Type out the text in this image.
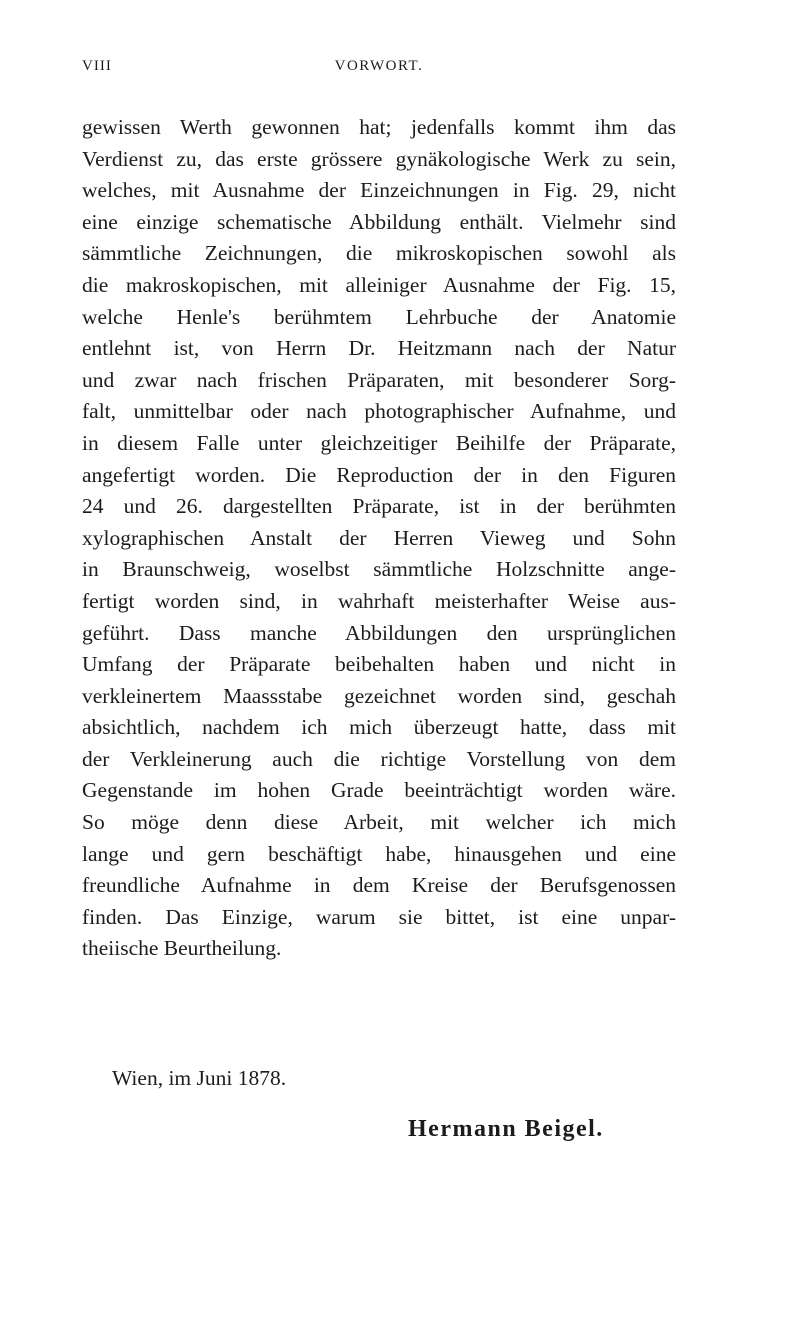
VIII	VORWORT.
gewissen Werth gewonnen hat; jedenfalls kommt ihm das
Verdienst zu, das erste grössere gynäkologische Werk zu sein,
welches, mit Ausnahme der Einzeichnungen in Fig. 29, nicht
eine einzige schematische Abbildung enthält. Vielmehr sind
sämmtliche Zeichnungen, die mikroskopischen sowohl als
die makroskopischen, mit alleiniger Ausnahme der Fig. 15,
welche Henle's berühmtem Lehrbuche der Anatomie
entlehnt ist, von Herrn Dr. Heitzmann nach der Natur
und zwar nach frischen Präparaten, mit besonderer Sorg-
falt, unmittelbar oder nach photographischer Aufnahme, und
in diesem Falle unter gleichzeitiger Beihilfe der Präparate,
angefertigt worden. Die Reproduction der in den Figuren
24 und 26. dargestellten Präparate, ist in der berühmten
xylographischen Anstalt der Herren Vieweg und Sohn
in Braunschweig, woselbst sämmtliche Holzschnitte ange-
fertigt worden sind, in wahrhaft meisterhafter Weise aus-
geführt. Dass manche Abbildungen den ursprünglichen
Umfang der Präparate beibehalten haben und nicht in
verkleinertem Maassstabe gezeichnet worden sind, geschah
absichtlich, nachdem ich mich überzeugt hatte, dass mit
der Verkleinerung auch die richtige Vorstellung von dem
Gegenstande im hohen Grade beeinträchtigt worden wäre.
So möge denn diese Arbeit, mit welcher ich mich
lange und gern beschäftigt habe, hinausgehen und eine
freundliche Aufnahme in dem Kreise der Berufsgenossen
finden. Das Einzige, warum sie bittet, ist eine unpar-
theiische Beurtheilung.
Wien, im Juni 1878.
Hermann Beigel.
